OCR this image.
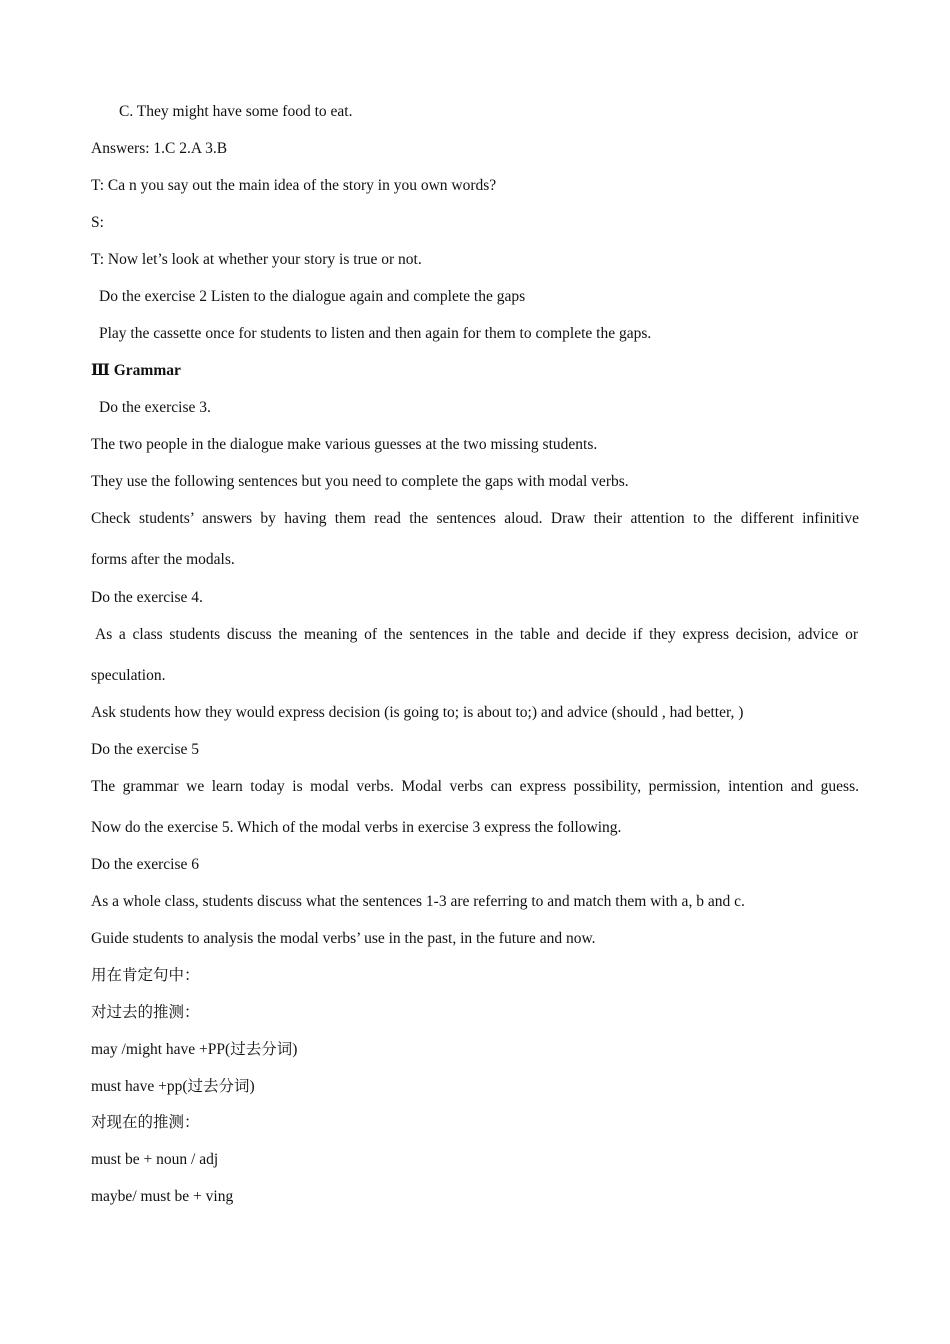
C. They might have some food to eat.
Answers: 1.C 2.A 3.B
T: Ca n you say out the main idea of the story in you own words?
S:
T: Now let’s look at whether your story is true or not.
Do the exercise 2 Listen to the dialogue again and complete the gaps
Play the cassette once for students to listen and then again for them to complete the gaps.
Ⅲ Grammar
Do the exercise 3.
The two people in the dialogue make various guesses at the two missing students.
They use the following sentences but you need to complete the gaps with modal verbs.
Check students’ answers by having them read the sentences aloud. Draw their attention to the different infinitive
forms after the modals.
Do the exercise 4.
As a class students discuss the meaning of the sentences in the table and decide if they express decision, advice or
speculation.
Ask students how they would express decision (is going to; is about to;) and advice (should , had better, )
Do the exercise 5
The grammar we learn today is modal verbs. Modal verbs can express possibility, permission, intention and guess.
Now do the exercise 5. Which of the modal verbs in exercise 3 express the following.
Do the exercise 6
As a whole class, students discuss what the sentences 1-3 are referring to and match them with a, b and c.
Guide students to analysis the modal verbs’ use in the past, in the future and now.
用在肯定句中：
对过去的推测：
may /might have +PP(过去分词)
must have +pp(过去分词)
对现在的推测：
must be + noun / adj
maybe/ must be + ving
